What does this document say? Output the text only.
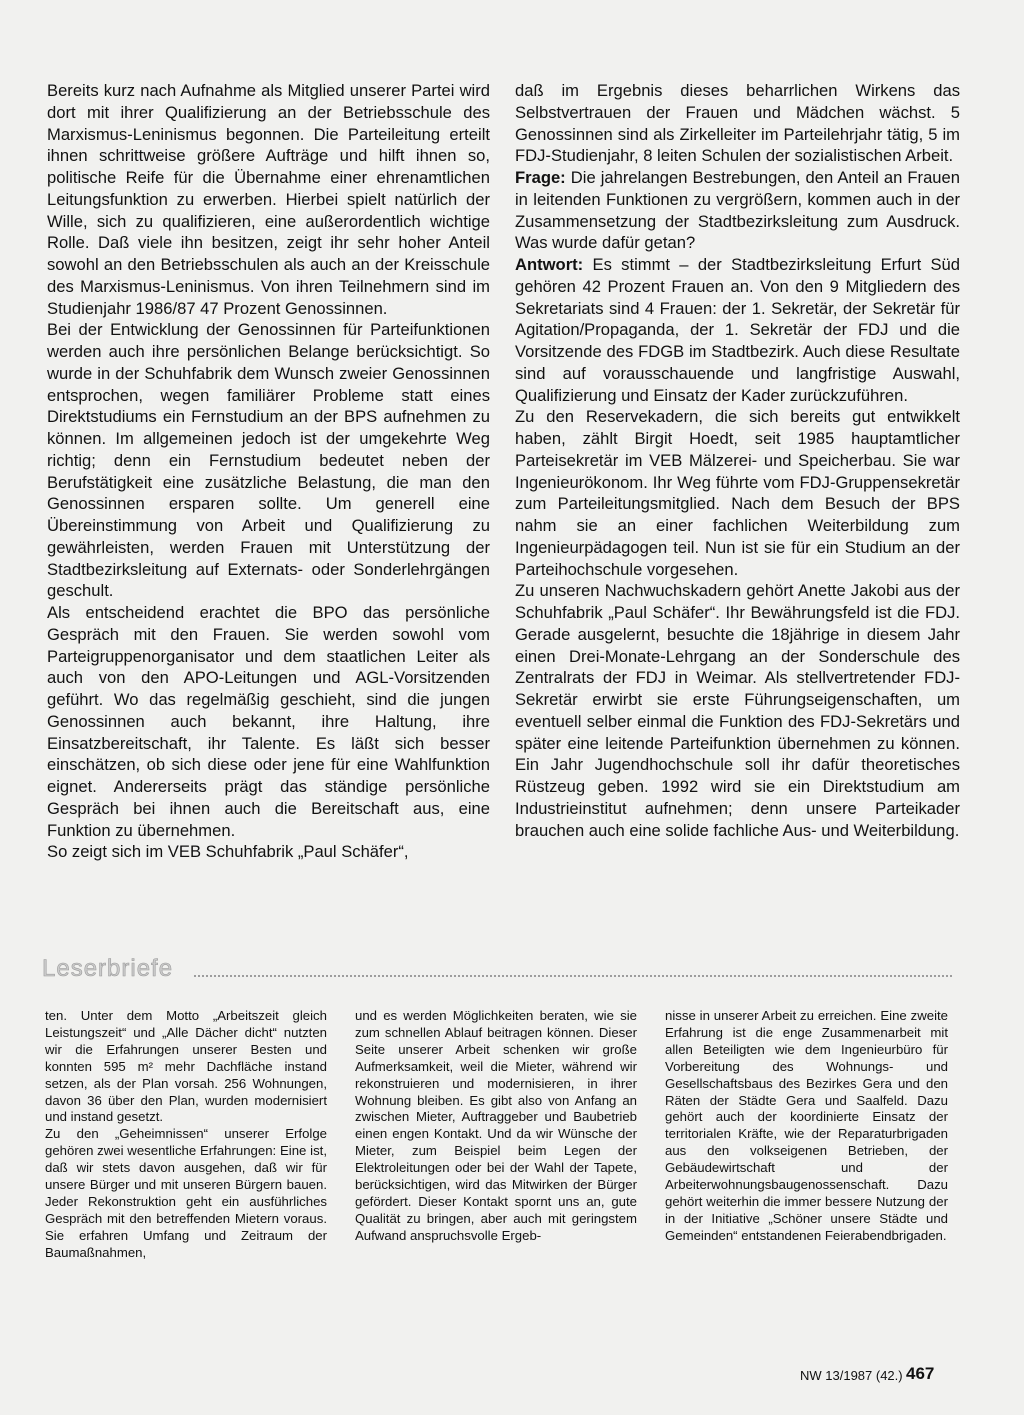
Bereits kurz nach Aufnahme als Mitglied unserer Partei wird dort mit ihrer Qualifizierung an der Betriebsschule des Marxismus-Leninismus begonnen. Die Parteileitung erteilt ihnen schrittweise größere Aufträge und hilft ihnen so, politische Reife für die Übernahme einer ehrenamtlichen Leitungsfunktion zu erwerben. Hierbei spielt natürlich der Wille, sich zu qualifizieren, eine außerordentlich wichtige Rolle. Daß viele ihn besitzen, zeigt ihr sehr hoher Anteil sowohl an den Betriebsschulen als auch an der Kreisschule des Marxismus-Leninismus. Von ihren Teilnehmern sind im Studienjahr 1986/87 47 Prozent Genossinnen.

Bei der Entwicklung der Genossinnen für Parteifunktionen werden auch ihre persönlichen Belange berücksichtigt. So wurde in der Schuhfabrik dem Wunsch zweier Genossinnen entsprochen, wegen familiärer Probleme statt eines Direktstudiums ein Fernstudium an der BPS aufnehmen zu können. Im allgemeinen jedoch ist der umgekehrte Weg richtig; denn ein Fernstudium bedeutet neben der Berufstätigkeit eine zusätzliche Belastung, die man den Genossinnen ersparen sollte. Um generell eine Übereinstimmung von Arbeit und Qualifizierung zu gewährleisten, werden Frauen mit Unterstützung der Stadtbezirksleitung auf Externats- oder Sonderlehrgängen geschult.

Als entscheidend erachtet die BPO das persönliche Gespräch mit den Frauen. Sie werden sowohl vom Parteigruppenorganisator und dem staatlichen Leiter als auch von den APO-Leitungen und AGL-Vorsitzenden geführt. Wo das regelmäßig geschieht, sind die jungen Genossinnen auch bekannt, ihre Haltung, ihre Einsatzbereitschaft, ihr Talente. Es läßt sich besser einschätzen, ob sich diese oder jene für eine Wahlfunktion eignet. Andererseits prägt das ständige persönliche Gespräch bei ihnen auch die Bereitschaft aus, eine Funktion zu übernehmen.

So zeigt sich im VEB Schuhfabrik „Paul Schäfer“,

daß im Ergebnis dieses beharrlichen Wirkens das Selbstvertrauen der Frauen und Mädchen wächst. 5 Genossinnen sind als Zirkelleiter im Parteilehrjahr tätig, 5 im FDJ-Studienjahr, 8 leiten Schulen der sozialistischen Arbeit.

Frage: Die jahrelangen Bestrebungen, den Anteil an Frauen in leitenden Funktionen zu vergrößern, kommen auch in der Zusammensetzung der Stadtbezirksleitung zum Ausdruck. Was wurde dafür getan?

Antwort: Es stimmt – der Stadtbezirksleitung Erfurt Süd gehören 42 Prozent Frauen an. Von den 9 Mitgliedern des Sekretariats sind 4 Frauen: der 1. Sekretär, der Sekretär für Agitation/Propaganda, der 1. Sekretär der FDJ und die Vorsitzende des FDGB im Stadtbezirk. Auch diese Resultate sind auf vorausschauende und langfristige Auswahl, Qualifizierung und Einsatz der Kader zurückzuführen.

Zu den Reservekadern, die sich bereits gut entwikkelt haben, zählt Birgit Hoedt, seit 1985 hauptamtlicher Parteisekretär im VEB Mälzerei- und Speicherbau. Sie war Ingenieurökonom. Ihr Weg führte vom FDJ-Gruppensekretär zum Parteileitungsmitglied. Nach dem Besuch der BPS nahm sie an einer fachlichen Weiterbildung zum Ingenieurpädagogen teil. Nun ist sie für ein Studium an der Parteihochschule vorgesehen.

Zu unseren Nachwuchskadern gehört Anette Jakobi aus der Schuhfabrik „Paul Schäfer“. Ihr Bewährungsfeld ist die FDJ. Gerade ausgelernt, besuchte die 18jährige in diesem Jahr einen Drei-Monate-Lehrgang an der Sonderschule des Zentralrats der FDJ in Weimar. Als stellvertretender FDJ-Sekretär erwirbt sie erste Führungseigenschaften, um eventuell selber einmal die Funktion des FDJ-Sekretärs und später eine leitende Parteifunktion übernehmen zu können. Ein Jahr Jugendhochschule soll ihr dafür theoretisches Rüstzeug geben. 1992 wird sie ein Direktstudium am Industrieinstitut aufnehmen; denn unsere Parteikader brauchen auch eine solide fachliche Aus- und Weiterbildung.

Leserbriefe

ten. Unter dem Motto „Arbeitszeit gleich Leistungszeit“ und „Alle Dächer dicht“ nutzten wir die Erfahrungen unserer Besten und konnten 595 m² mehr Dachfläche instand setzen, als der Plan vorsah. 256 Wohnungen, davon 36 über den Plan, wurden modernisiert und instand gesetzt.

Zu den „Geheimnissen“ unserer Erfolge gehören zwei wesentliche Erfahrungen: Eine ist, daß wir stets davon ausgehen, daß wir für unsere Bürger und mit unseren Bürgern bauen. Jeder Rekonstruktion geht ein ausführliches Gespräch mit den betreffenden Mietern voraus. Sie erfahren Umfang und Zeitraum der Baumaßnahmen,

und es werden Möglichkeiten beraten, wie sie zum schnellen Ablauf beitragen können. Dieser Seite unserer Arbeit schenken wir große Aufmerksamkeit, weil die Mieter, während wir rekonstruieren und modernisieren, in ihrer Wohnung bleiben. Es gibt also von Anfang an zwischen Mieter, Auftraggeber und Baubetrieb einen engen Kontakt. Und da wir Wünsche der Mieter, zum Beispiel beim Legen der Elektroleitungen oder bei der Wahl der Tapete, berücksichtigen, wird das Mitwirken der Bürger gefördert. Dieser Kontakt spornt uns an, gute Qualität zu bringen, aber auch mit geringstem Aufwand anspruchsvolle Ergeb-

nisse in unserer Arbeit zu erreichen. Eine zweite Erfahrung ist die enge Zusammenarbeit mit allen Beteiligten wie dem Ingenieurbüro für Vorbereitung des Wohnungs- und Gesellschaftsbaus des Bezirkes Gera und den Räten der Städte Gera und Saalfeld. Dazu gehört auch der koordinierte Einsatz der territorialen Kräfte, wie der Reparaturbrigaden aus den volkseigenen Betrieben, der Gebäudewirtschaft und der Arbeiterwohnungsbaugenossenschaft. Dazu gehört weiterhin die immer bessere Nutzung der in der Initiative „Schöner unsere Städte und Gemeinden“ entstandenen Feierabendbrigaden.

NW 13/1987 (42.) 467
